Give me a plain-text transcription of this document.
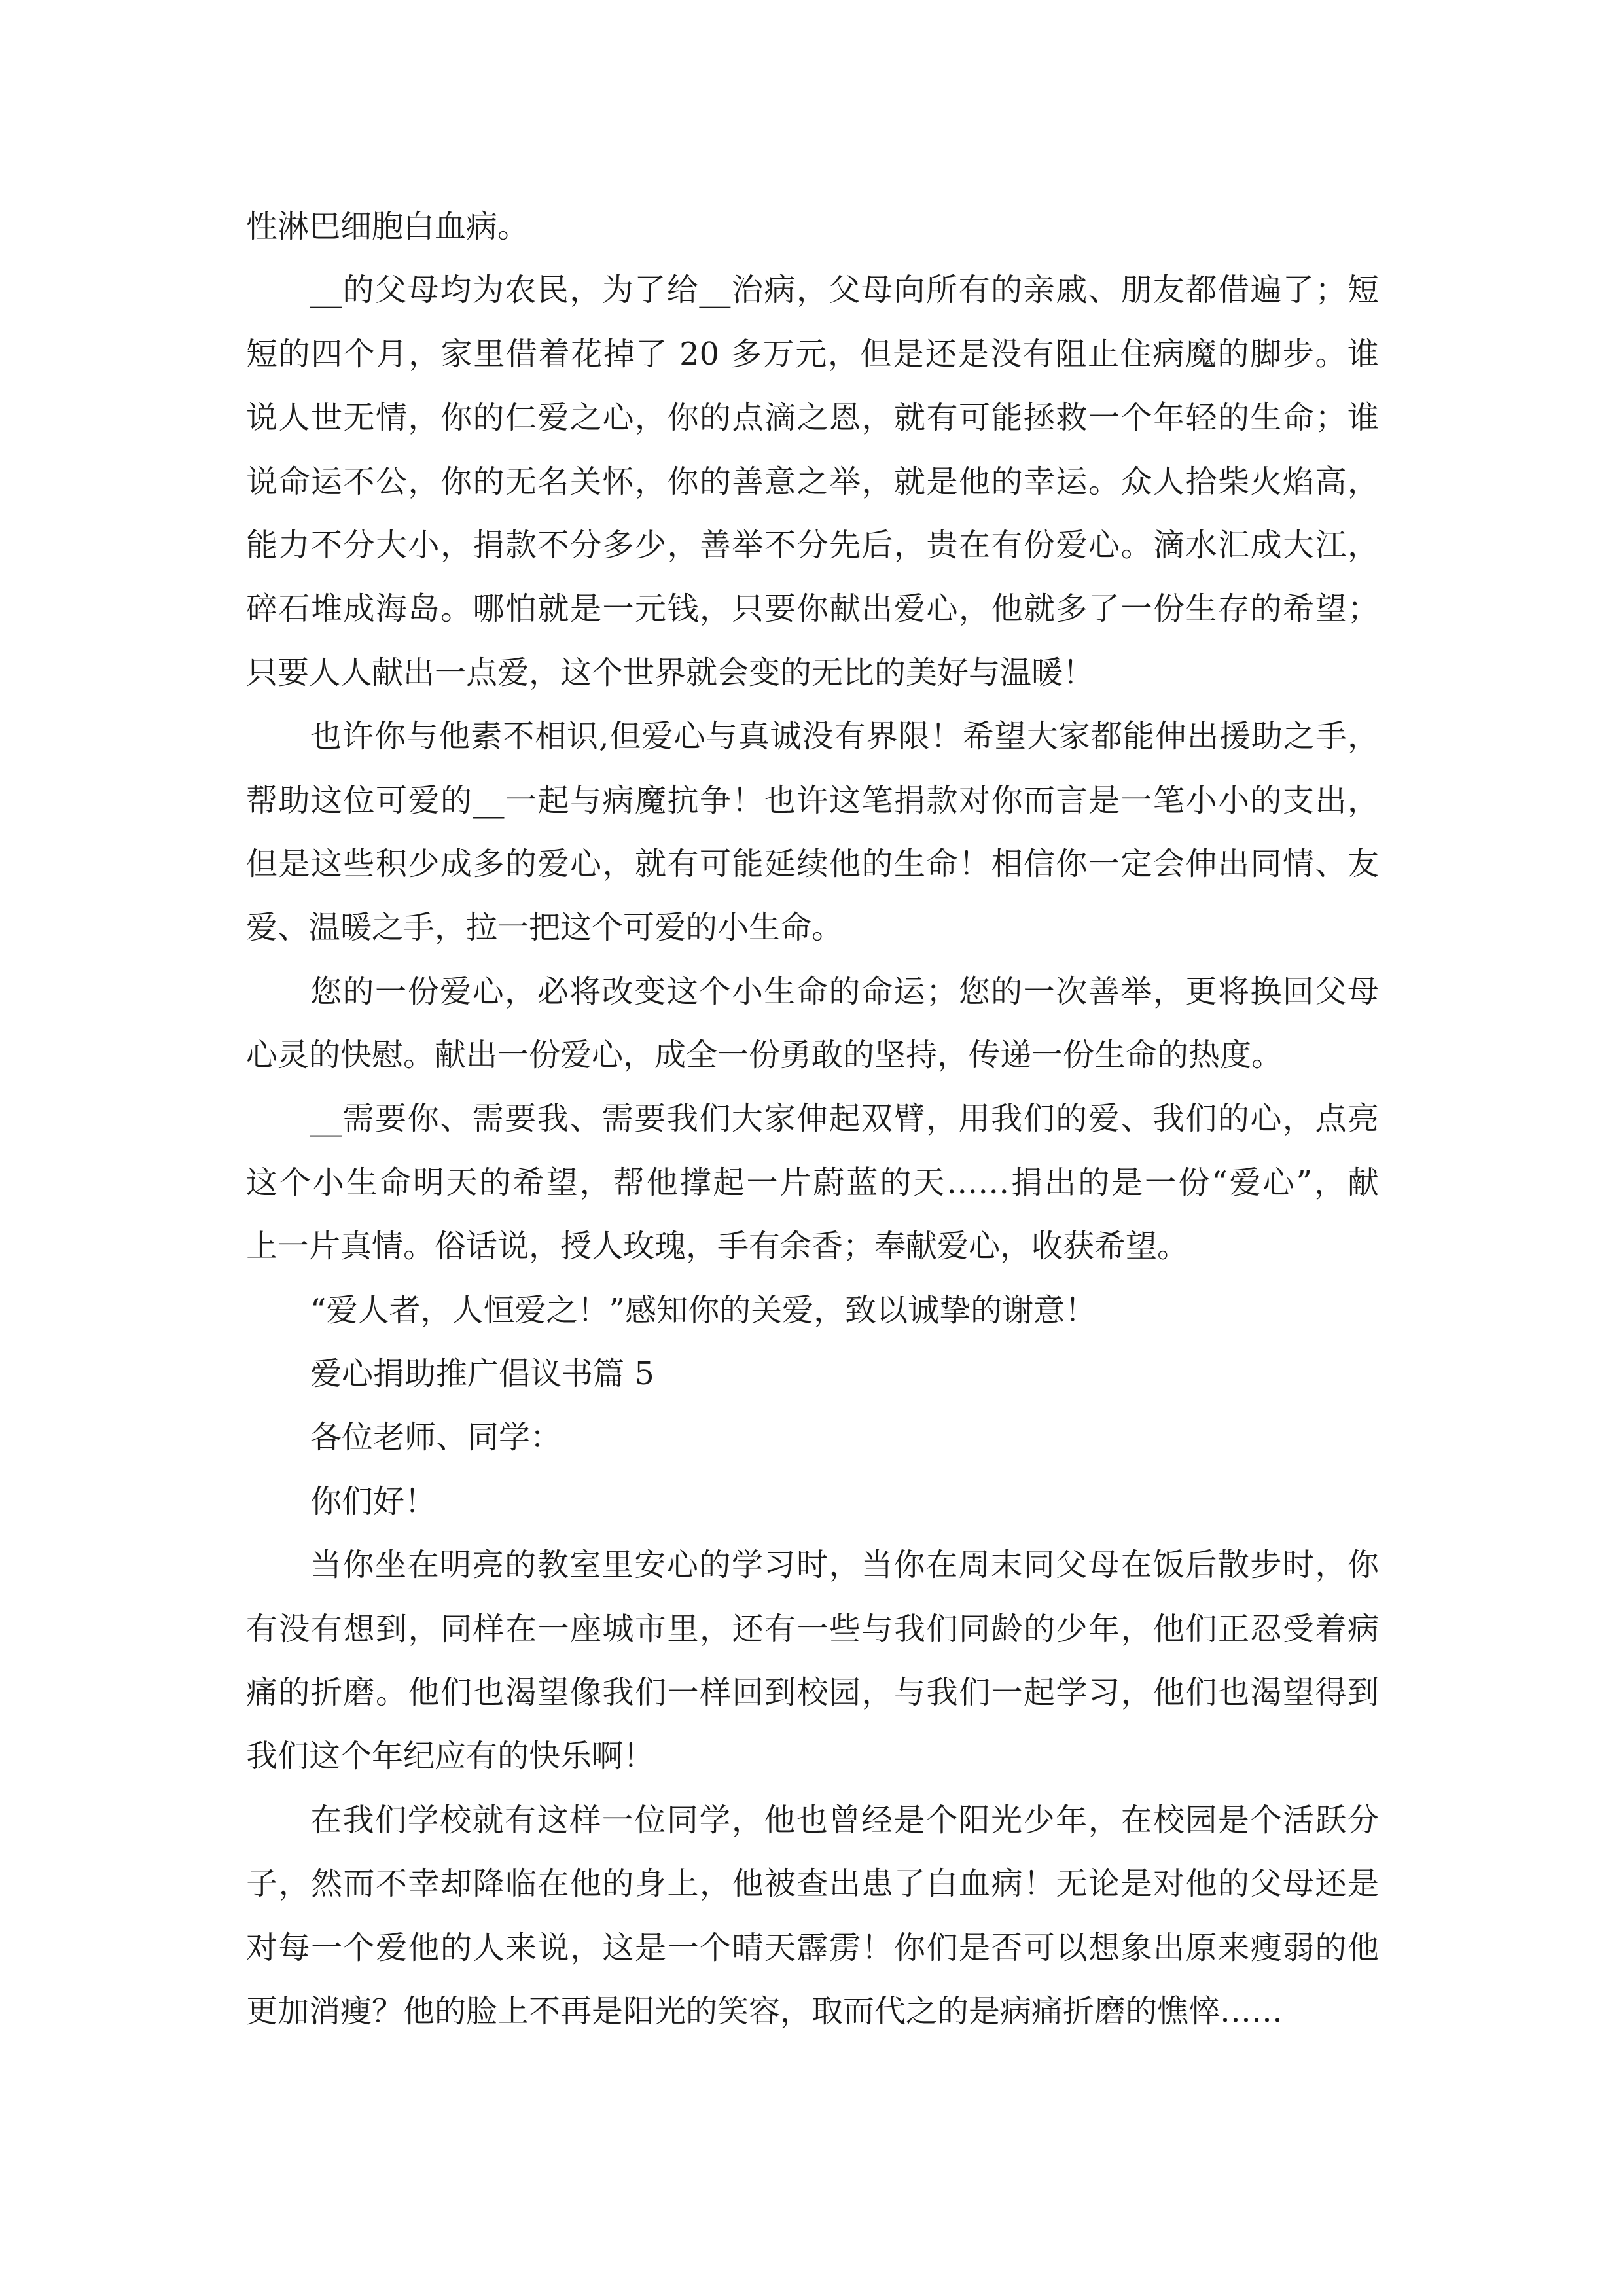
性淋巴细胞白血病。
__的父母均为农民，为了给__治病，父母向所有的亲戚、朋友都借遍了；短
短的四个月，家里借着花掉了 20 多万元，但是还是没有阻止住病魔的脚步。谁
说人世无情，你的仁爱之心，你的点滴之恩，就有可能拯救一个年轻的生命；谁
说命运不公，你的无名关怀，你的善意之举，就是他的幸运。众人拾柴火焰高，
能力不分大小，捐款不分多少，善举不分先后，贵在有份爱心。滴水汇成大江，
碎石堆成海岛。哪怕就是一元钱，只要你献出爱心，他就多了一份生存的希望；
只要人人献出一点爱，这个世界就会变的无比的美好与温暖！
也许你与他素不相识,但爱心与真诚没有界限！希望大家都能伸出援助之手，
帮助这位可爱的__一起与病魔抗争！也许这笔捐款对你而言是一笔小小的支出，
但是这些积少成多的爱心，就有可能延续他的生命！相信你一定会伸出同情、友
爱、温暖之手，拉一把这个可爱的小生命。
您的一份爱心，必将改变这个小生命的命运；您的一次善举，更将换回父母
心灵的快慰。献出一份爱心，成全一份勇敢的坚持，传递一份生命的热度。
__需要你、需要我、需要我们大家伸起双臂，用我们的爱、我们的心，点亮
这个小生命明天的希望，帮他撑起一片蔚蓝的天……捐出的是一份“爱心”，献
上一片真情。俗话说，授人玫瑰，手有余香；奉献爱心，收获希望。
“爱人者，人恒爱之！”感知你的关爱，致以诚挚的谢意！
爱心捐助推广倡议书篇 5
各位老师、同学：
你们好！
当你坐在明亮的教室里安心的学习时，当你在周末同父母在饭后散步时，你
有没有想到，同样在一座城市里，还有一些与我们同龄的少年，他们正忍受着病
痛的折磨。他们也渴望像我们一样回到校园，与我们一起学习，他们也渴望得到
我们这个年纪应有的快乐啊！
在我们学校就有这样一位同学，他也曾经是个阳光少年，在校园是个活跃分
子，然而不幸却降临在他的身上，他被查出患了白血病！无论是对他的父母还是
对每一个爱他的人来说，这是一个晴天霹雳！你们是否可以想象出原来瘦弱的他
更加消瘦？他的脸上不再是阳光的笑容，取而代之的是病痛折磨的憔悴……
